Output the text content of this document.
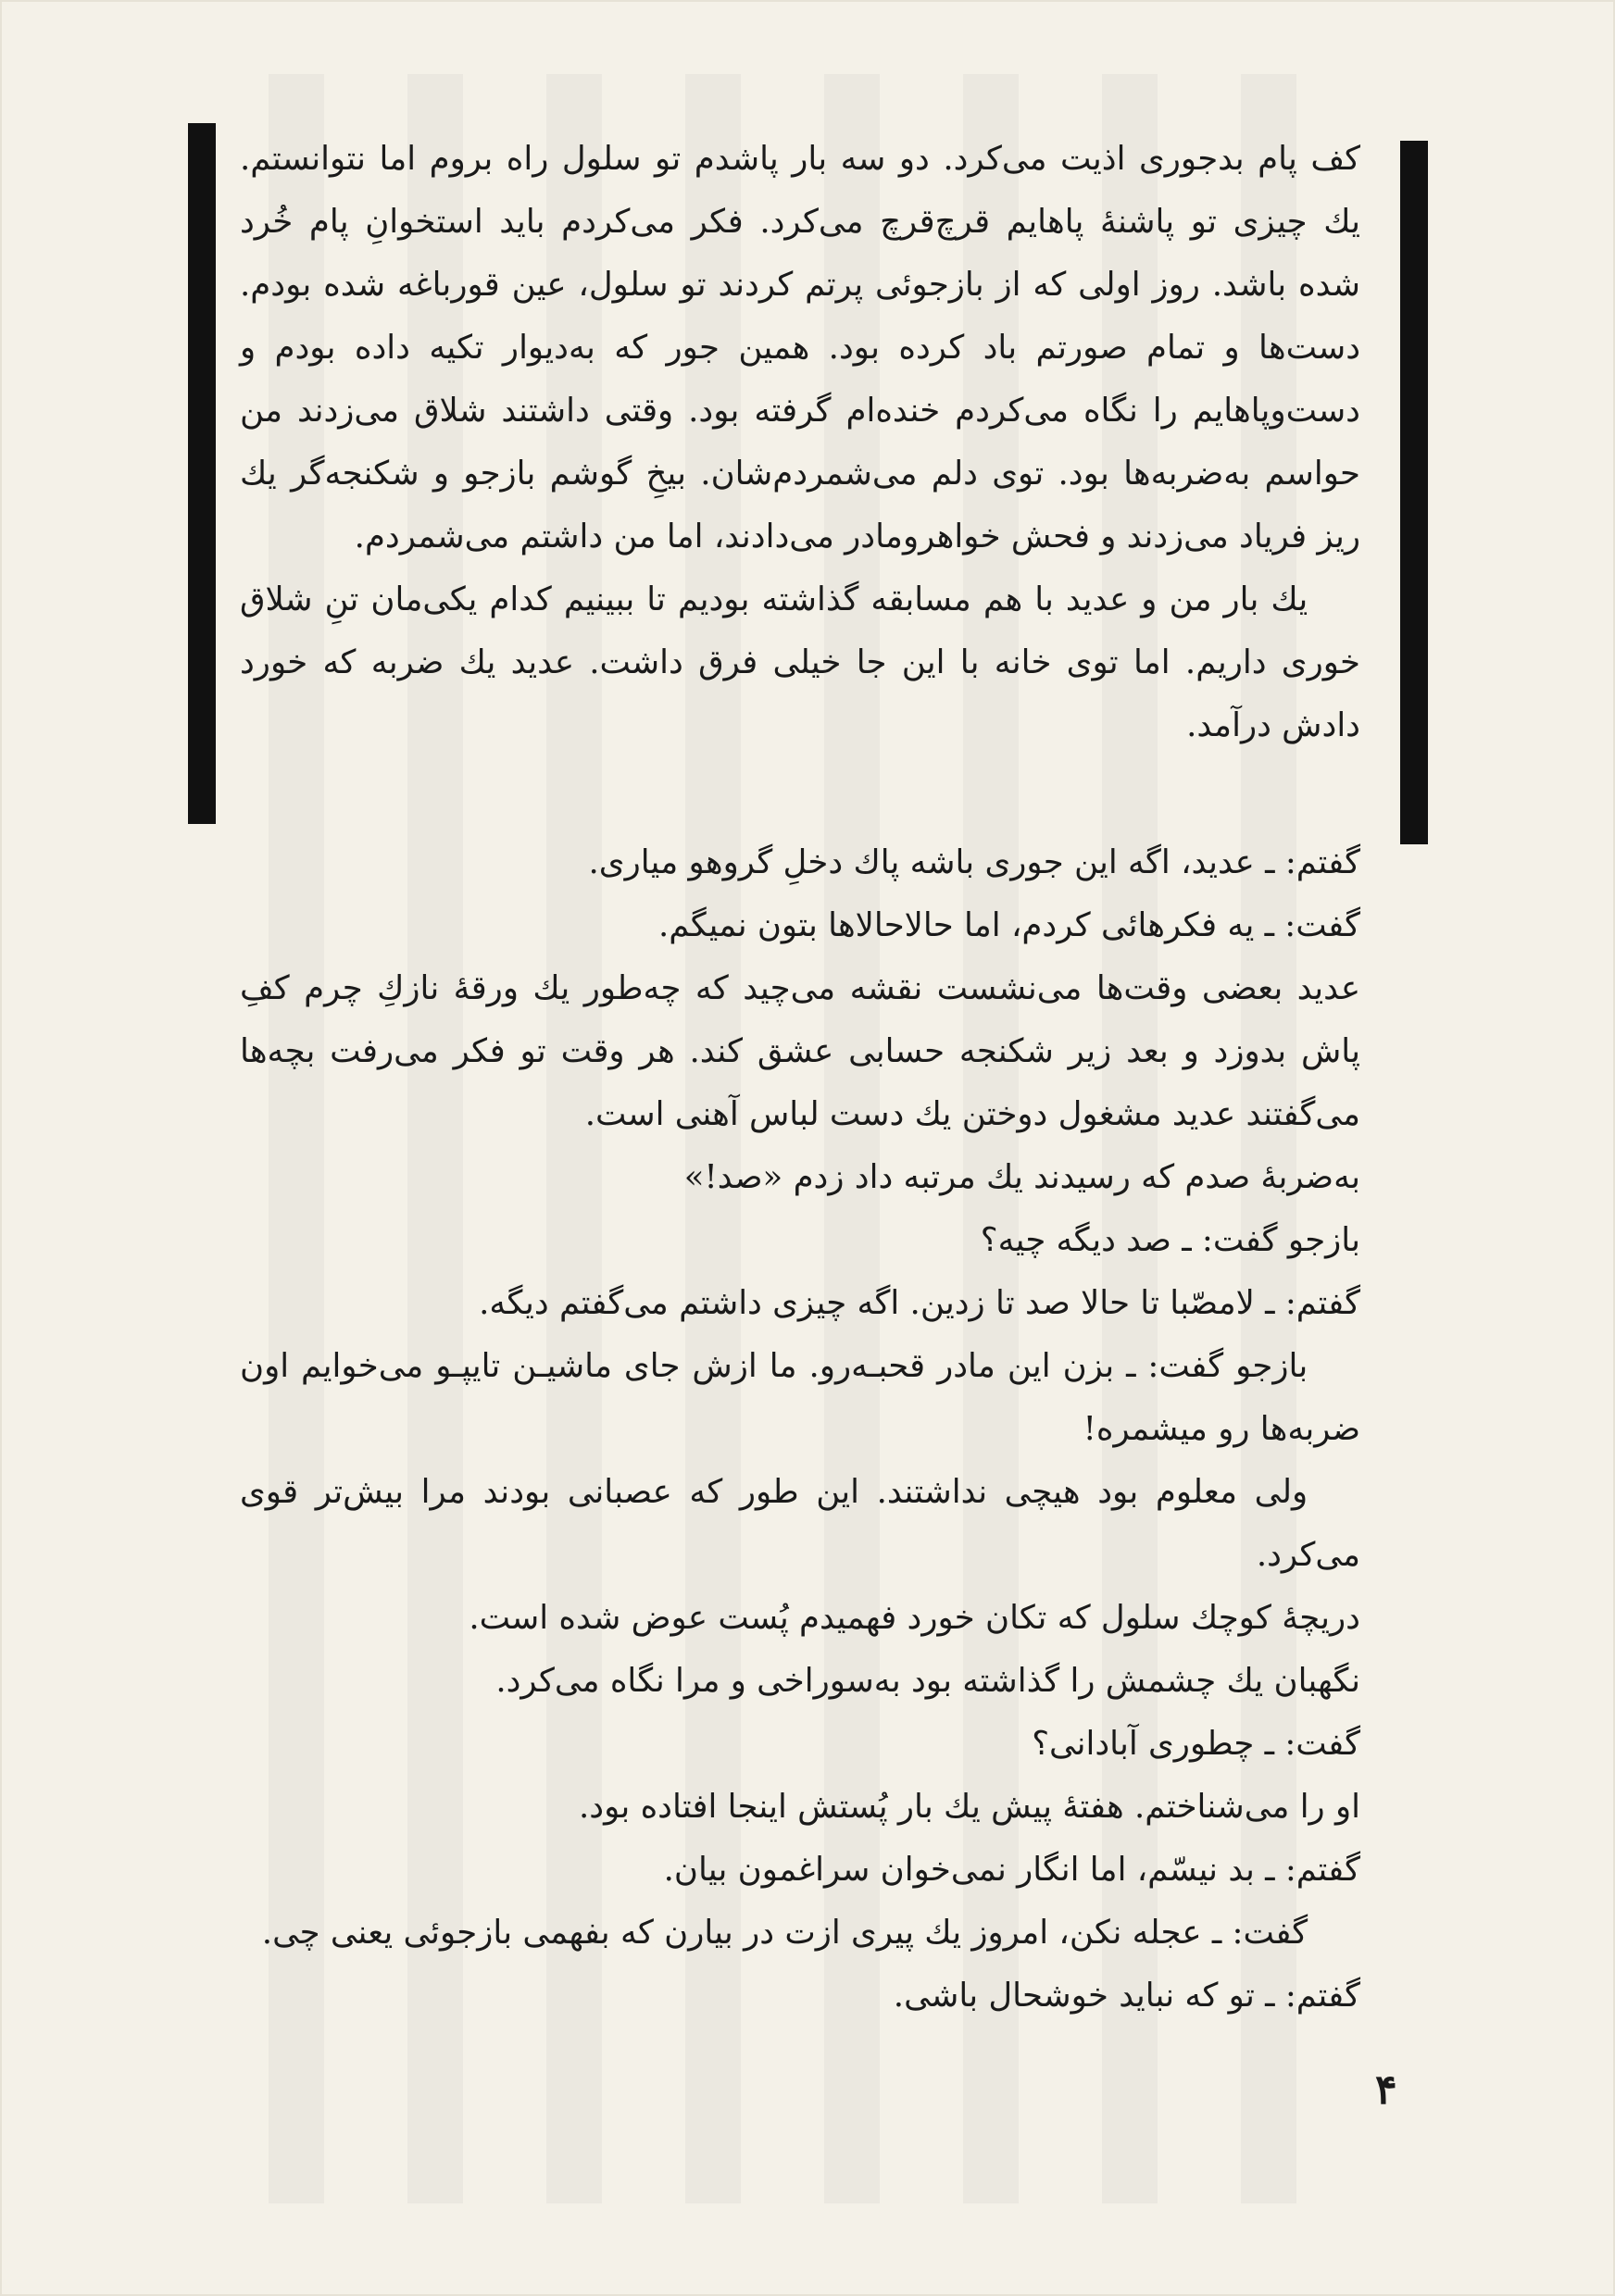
کف پام بدجوری اذیت می‌کرد. دو سه بار پاشدم تو سلول راه بروم اما نتوانستم. یك چیزی تو پاشنهٔ پاهایم قرچ‌قرچ می‌کرد. فکر می‌کردم باید استخوانِ پام خُرد شده باشد. روز اولی که از بازجوئی پرتم کردند تو سلول، عین قورباغه شده بودم. دست‌ها و تمام صورتم باد کرده بود. همین جور که به‌دیوار تکیه داده بودم و دست‌وپاهایم را نگاه می‌کردم خنده‌ام گرفته بود. وقتی داشتند شلاق می‌زدند من حواسم به‌ضربه‌ها بود. توی دلم می‌شمردم‌شان. بیخِ گوشم بازجو و شکنجه‌گر یك ریز فریاد می‌زدند و فحش خواهرومادر می‌دادند، اما من داشتم می‌شمردم.

یك بار من و عدید با هم مسابقه گذاشته بودیم تا ببینیم کدام یکی‌مان تنِ شلاق خوری داریم. اما توی خانه با این جا خیلی فرق داشت. عدید یك ضربه که خورد دادش درآمد.

گفتم: ـ عدید، اگه این جوری باشه پاك دخلِ گروهو میاری.

گفت: ـ یه فکرهائی کردم، اما حالاحالاها بتون نمیگم.

عدید بعضی وقت‌ها می‌نشست نقشه می‌چید که چه‌طور یك ورقهٔ نازكِ چرم کفِ پاش بدوزد و بعد زیر شکنجه حسابی عشق کند. هر وقت تو فکر می‌رفت بچه‌ها می‌گفتند عدید مشغول دوختن یك دست لباس آهنی است.

به‌ضربهٔ صدم که رسیدند یك مرتبه داد زدم «صد!»

بازجو گفت: ـ صد دیگه چیه؟

گفتم: ـ لامصّبا تا حالا صد تا زدین. اگه چیزی داشتم می‌گفتم دیگه.

بازجو گفت: ـ بزن این مادر قحبـه‌رو. ما ازش جای ماشیـن تایپـو می‌خوایم اون ضربه‌ها رو میشمره!

ولی معلوم بود هیچی نداشتند. این طور که عصبانی بودند مرا بیش‌تر قوی می‌کرد.

دریچهٔ کوچك سلول که تکان خورد فهمیدم پُست عوض شده است.

نگهبان یك چشمش را گذاشته بود به‌سوراخی و مرا نگاه می‌کرد.

گفت: ـ چطوری آبادانی؟

او را می‌شناختم. هفتهٔ پیش یك بار پُستش اینجا افتاده بود.

گفتم: ـ بد نیسّم، اما انگار نمی‌خوان سراغمون بیان.

گفت: ـ عجله نکن، امروز یك پیری ازت در بیارن که بفهمی بازجوئی یعنی چی.

گفتم: ـ تو که نباید خوشحال باشی.

۴
